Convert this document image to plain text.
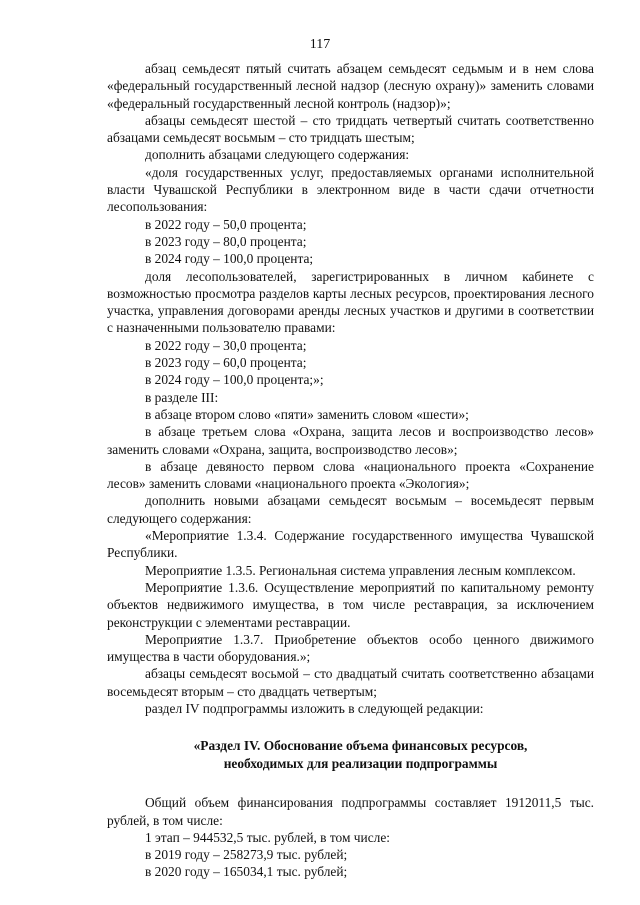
117
абзац семьдесят пятый считать абзацем семьдесят седьмым и в нем слова «федеральный государственный лесной надзор (лесную охрану)» заменить словами «федеральный государственный лесной контроль (надзор)»;
абзацы семьдесят шестой – сто тридцать четвертый считать соответственно абзацами семьдесят восьмым – сто тридцать шестым;
дополнить абзацами следующего содержания:
«доля государственных услуг, предоставляемых органами исполнительной власти Чувашской Республики в электронном виде в части сдачи отчетности лесопользования:
в 2022 году – 50,0 процента;
в 2023 году – 80,0 процента;
в 2024 году – 100,0 процента;
доля лесопользователей, зарегистрированных в личном кабинете с возможностью просмотра разделов карты лесных ресурсов, проектирования лесного участка, управления договорами аренды лесных участков и другими в соответствии с назначенными пользователю правами:
в 2022 году – 30,0 процента;
в 2023 году – 60,0 процента;
в 2024 году – 100,0 процента;»;
в разделе III:
в абзаце втором слово «пяти» заменить словом «шести»;
в абзаце третьем слова «Охрана, защита лесов и воспроизводство лесов» заменить словами «Охрана, защита, воспроизводство лесов»;
в абзаце девяносто первом слова «национального проекта «Сохранение лесов» заменить словами «национального проекта «Экология»;
дополнить новыми абзацами семьдесят восьмым – восемьдесят первым следующего содержания:
«Мероприятие 1.3.4. Содержание государственного имущества Чувашской Республики.
Мероприятие 1.3.5. Региональная система управления лесным комплексом.
Мероприятие 1.3.6. Осуществление мероприятий по капитальному ремонту объектов недвижимого имущества, в том числе реставрация, за исключением реконструкции с элементами реставрации.
Мероприятие 1.3.7. Приобретение объектов особо ценного движимого имущества в части оборудования.»;
абзацы семьдесят восьмой – сто двадцатый считать соответственно абзацами восемьдесят вторым – сто двадцать четвертым;
раздел IV подпрограммы изложить в следующей редакции:
«Раздел IV. Обоснование объема финансовых ресурсов,
необходимых для реализации подпрограммы
Общий объем финансирования подпрограммы составляет 1912011,5 тыс. рублей, в том числе:
1 этап – 944532,5 тыс. рублей, в том числе:
в 2019 году – 258273,9 тыс. рублей;
в 2020 году – 165034,1 тыс. рублей;
